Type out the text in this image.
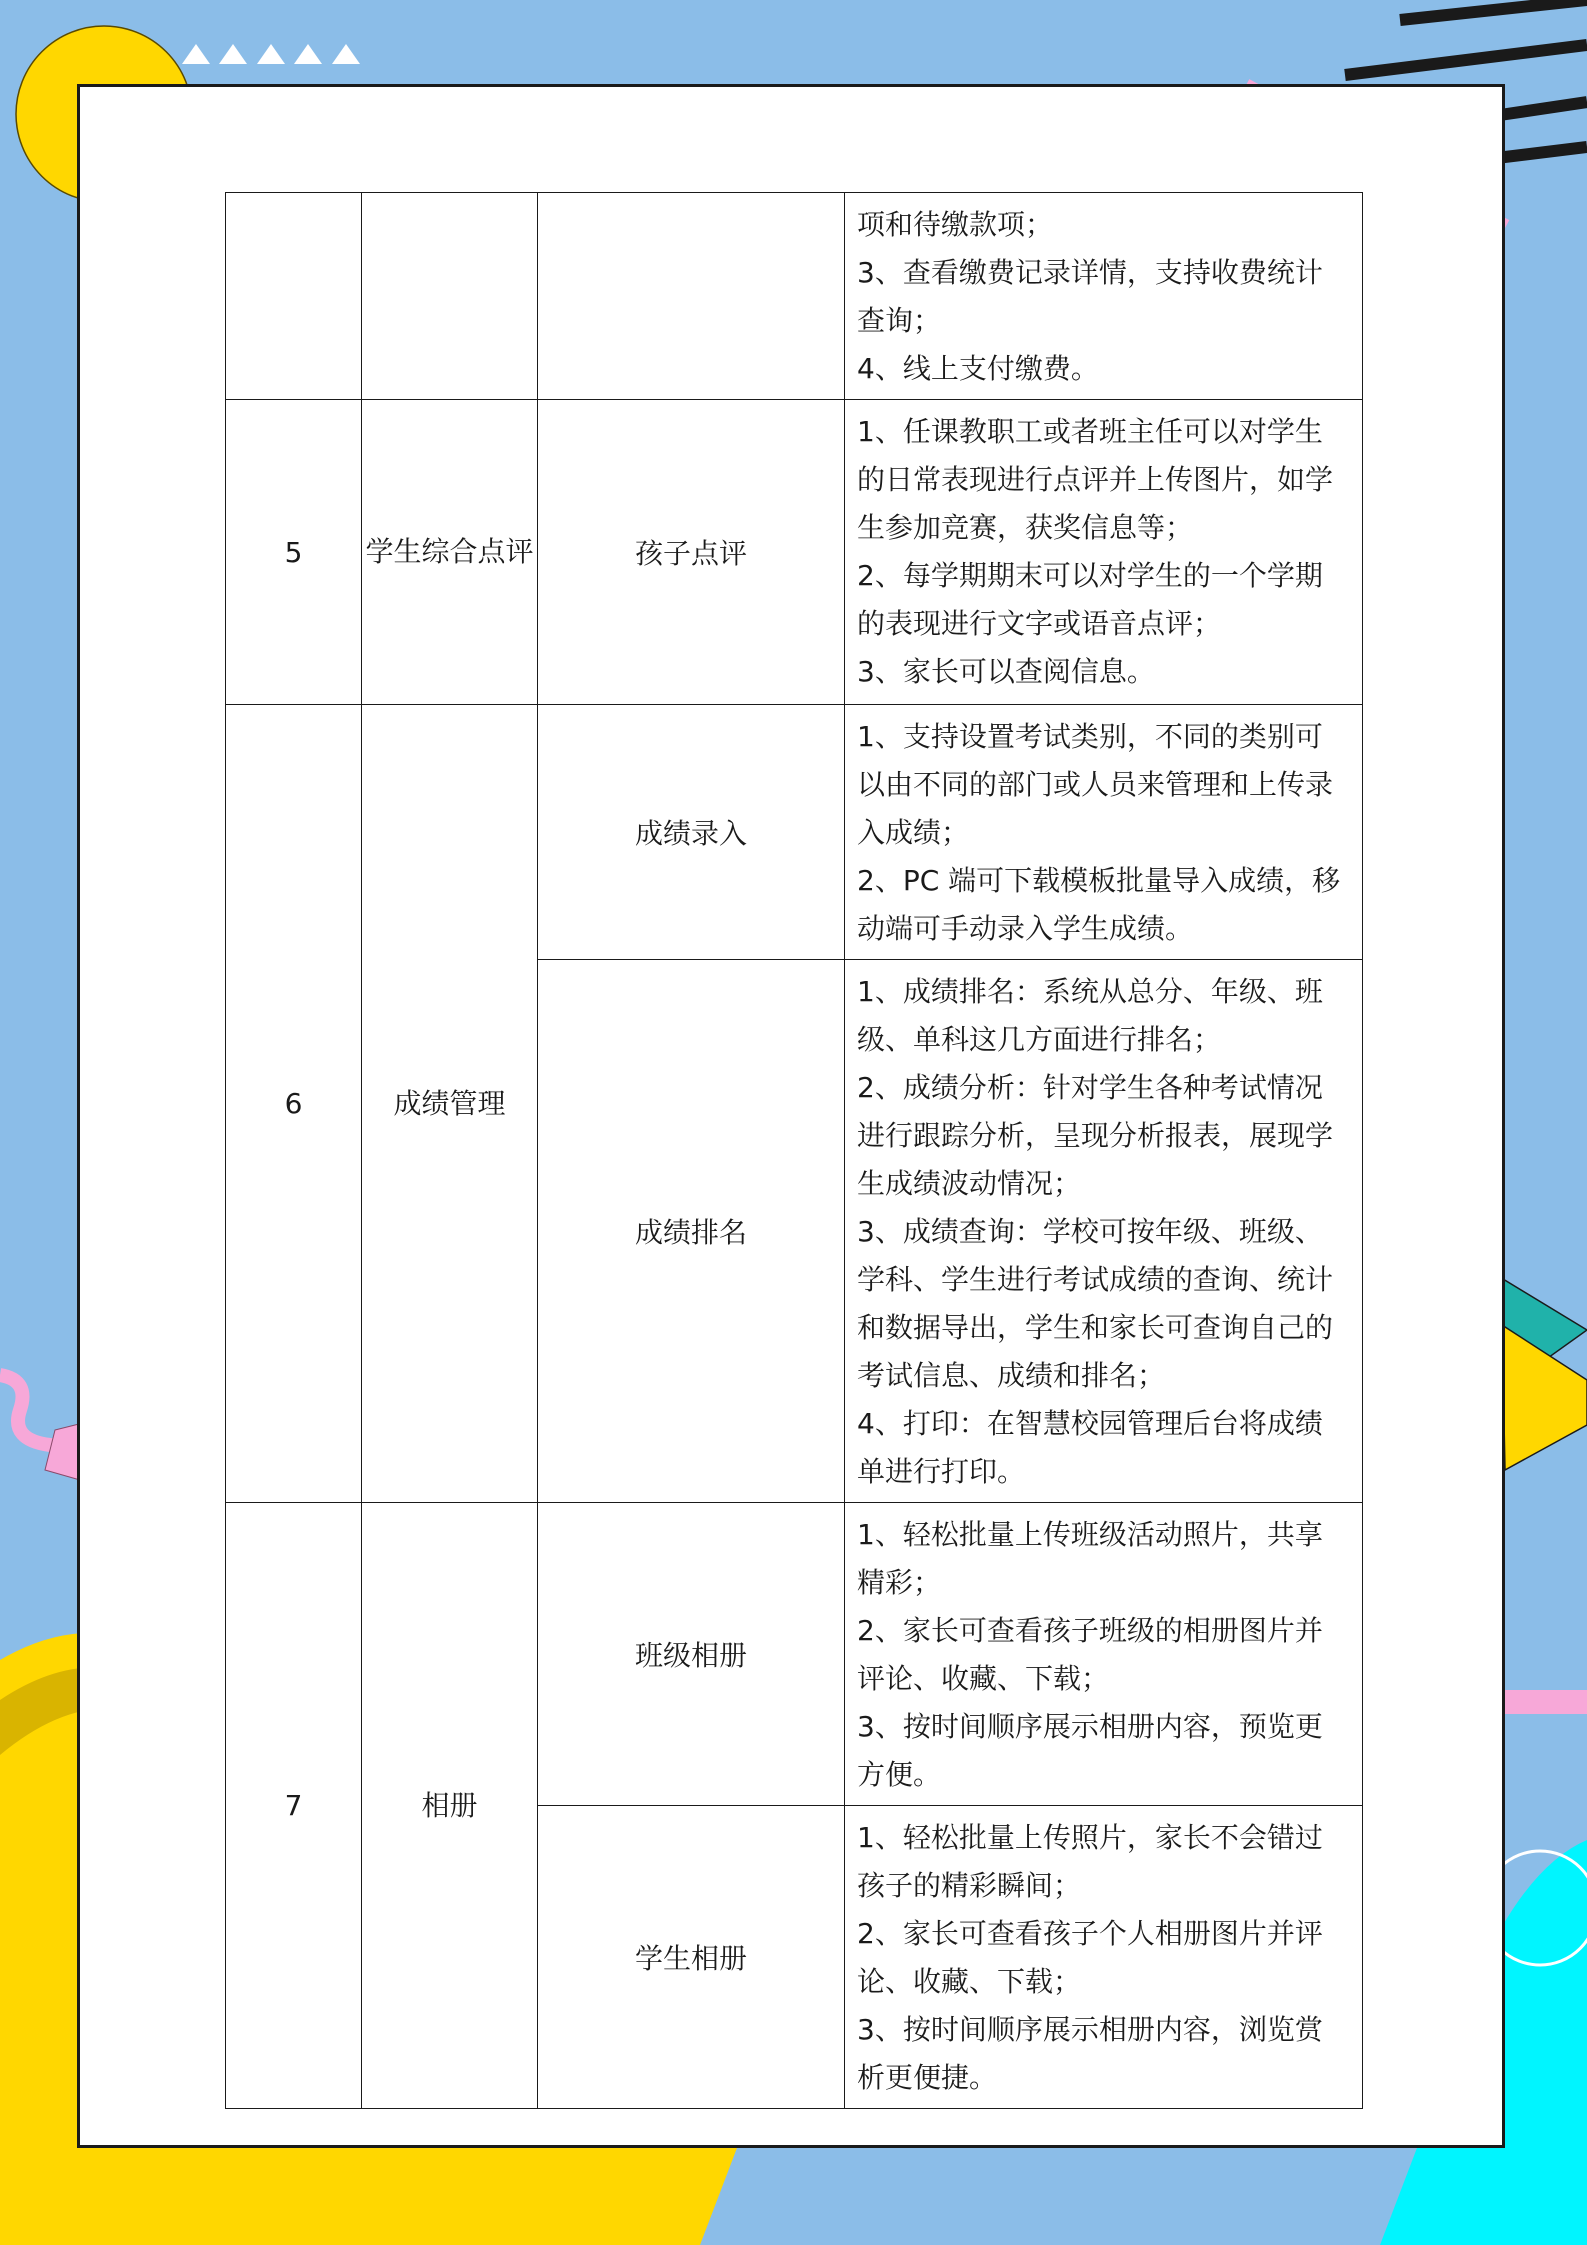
			项和待缴款项；
3、查看缴费记录详情，支持收费统计查询；
4、线上支付缴费。

5	学生综合点评	孩子点评	1、任课教职工或者班主任可以对学生的日常表现进行点评并上传图片，如学生参加竞赛，获奖信息等；
2、每学期期末可以对学生的一个学期的表现进行文字或语音点评；
3、家长可以查阅信息。

6	成绩管理	成绩录入	1、支持设置考试类别，不同的类别可以由不同的部门或人员来管理和上传录入成绩；
2、PC 端可下载模板批量导入成绩，移动端可手动录入学生成绩。

		成绩排名	1、成绩排名：系统从总分、年级、班级、单科这几方面进行排名；
2、成绩分析：针对学生各种考试情况进行跟踪分析，呈现分析报表，展现学生成绩波动情况；
3、成绩查询：学校可按年级、班级、学科、学生进行考试成绩的查询、统计和数据导出，学生和家长可查询自己的考试信息、成绩和排名；
4、打印：在智慧校园管理后台将成绩单进行打印。

7	相册	班级相册	1、轻松批量上传班级活动照片，共享精彩；
2、家长可查看孩子班级的相册图片并评论、收藏、下载；
3、按时间顺序展示相册内容，预览更方便。

		学生相册	1、轻松批量上传照片，家长不会错过孩子的精彩瞬间；
2、家长可查看孩子个人相册图片并评论、收藏、下载；
3、按时间顺序展示相册内容，浏览赏析更便捷。
